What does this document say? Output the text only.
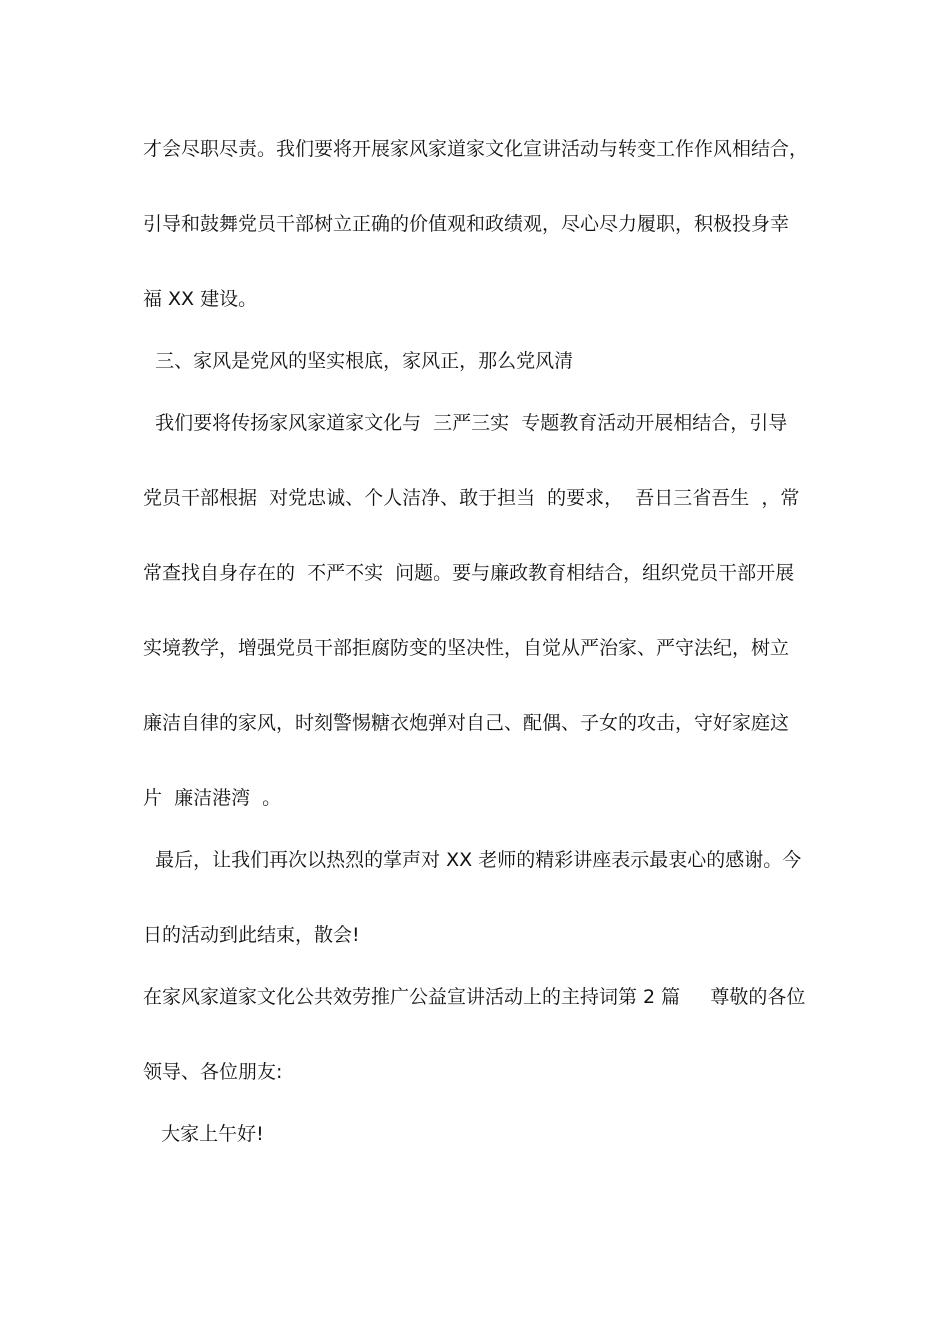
才会尽职尽责。我们要将开展家风家道家文化宣讲活动与转变工作作风相结合，
引导和鼓舞党员干部树立正确的价值观和政绩观，尽心尽力履职，积极投身幸
福 XX 建设。
三、家风是党风的坚实根底，家风正，那么党风清
我们要将传扬家风家道家文化与  三严三实  专题教育活动开展相结合，引导
党员干部根据  对党忠诚、个人洁净、敢于担当  的要求，  吾日三省吾生  ，常
常查找自身存在的  不严不实  问题。要与廉政教育相结合，组织党员干部开展
实境教学，增强党员干部拒腐防变的坚决性，自觉从严治家、严守法纪，树立
廉洁自律的家风，时刻警惕糖衣炮弹对自己、配偶、子女的攻击，守好家庭这
片  廉洁港湾  。
最后，让我们再次以热烈的掌声对 XX 老师的精彩讲座表示最衷心的感谢。今
日的活动到此结束，散会!
在家风家道家文化公共效劳推广公益宣讲活动上的主持词第 2 篇     尊敬的各位
领导、各位朋友:
大家上午好!
